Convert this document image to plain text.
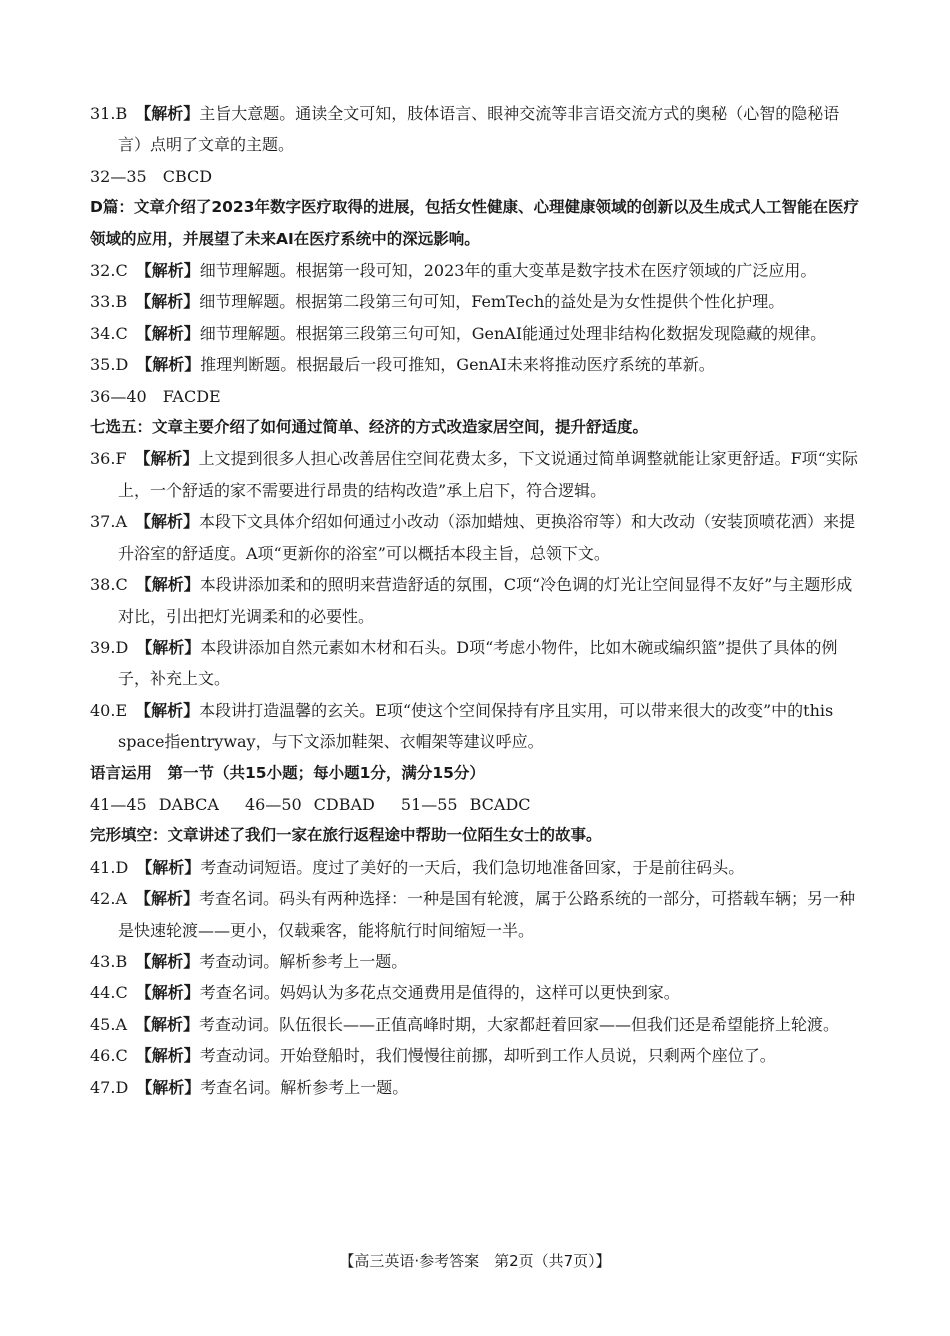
31.B 【解析】主旨大意题。通读全文可知，肢体语言、眼神交流等非言语交流方式的奥秘（心智的隐秘语言）点明了文章的主题。
32—35　CBCD
D篇：文章介绍了2023年数字医疗取得的进展，包括女性健康、心理健康领域的创新以及生成式人工智能在医疗领域的应用，并展望了未来AI在医疗系统中的深远影响。
32.C 【解析】细节理解题。根据第一段可知，2023年的重大变革是数字技术在医疗领域的广泛应用。
33.B 【解析】细节理解题。根据第二段第三句可知，FemTech的益处是为女性提供个性化护理。
34.C 【解析】细节理解题。根据第三段第三句可知，GenAI能通过处理非结构化数据发现隐藏的规律。
35.D 【解析】推理判断题。根据最后一段可推知，GenAI未来将推动医疗系统的革新。
36—40　FACDE
七选五：文章主要介绍了如何通过简单、经济的方式改造家居空间，提升舒适度。
36.F 【解析】上文提到很多人担心改善居住空间花费太多，下文说通过简单调整就能让家更舒适。F项“实际上，一个舒适的家不需要进行昂贵的结构改造”承上启下，符合逻辑。
37.A 【解析】本段下文具体介绍如何通过小改动（添加蜡烛、更换浴帘等）和大改动（安装顶喷花洒）来提升浴室的舒适度。A项“更新你的浴室”可以概括本段主旨，总领下文。
38.C 【解析】本段讲添加柔和的照明来营造舒适的氛围，C项“冷色调的灯光让空间显得不友好”与主题形成对比，引出把灯光调柔和的必要性。
39.D 【解析】本段讲添加自然元素如木材和石头。D项“考虑小物件，比如木碗或编织篮”提供了具体的例子，补充上文。
40.E 【解析】本段讲打造温馨的玄关。E项“使这个空间保持有序且实用，可以带来很大的改变”中的this space指entryway，与下文添加鞋架、衣帽架等建议呼应。
语言运用　第一节（共15小题；每小题1分，满分15分）
41—45 DABCA 46—50 CDBAD 51—55 BCADC
完形填空：文章讲述了我们一家在旅行返程途中帮助一位陌生女士的故事。
41.D 【解析】考查动词短语。度过了美好的一天后，我们急切地准备回家，于是前往码头。
42.A 【解析】考查名词。码头有两种选择：一种是国有轮渡，属于公路系统的一部分，可搭载车辆；另一种是快速轮渡——更小，仅载乘客，能将航行时间缩短一半。
43.B 【解析】考查动词。解析参考上一题。
44.C 【解析】考查名词。妈妈认为多花点交通费用是值得的，这样可以更快到家。
45.A 【解析】考查动词。队伍很长——正值高峰时期，大家都赶着回家——但我们还是希望能挤上轮渡。
46.C 【解析】考查动词。开始登船时，我们慢慢往前挪，却听到工作人员说，只剩两个座位了。
47.D 【解析】考查名词。解析参考上一题。
【高三英语·参考答案　第2页（共7页）】
